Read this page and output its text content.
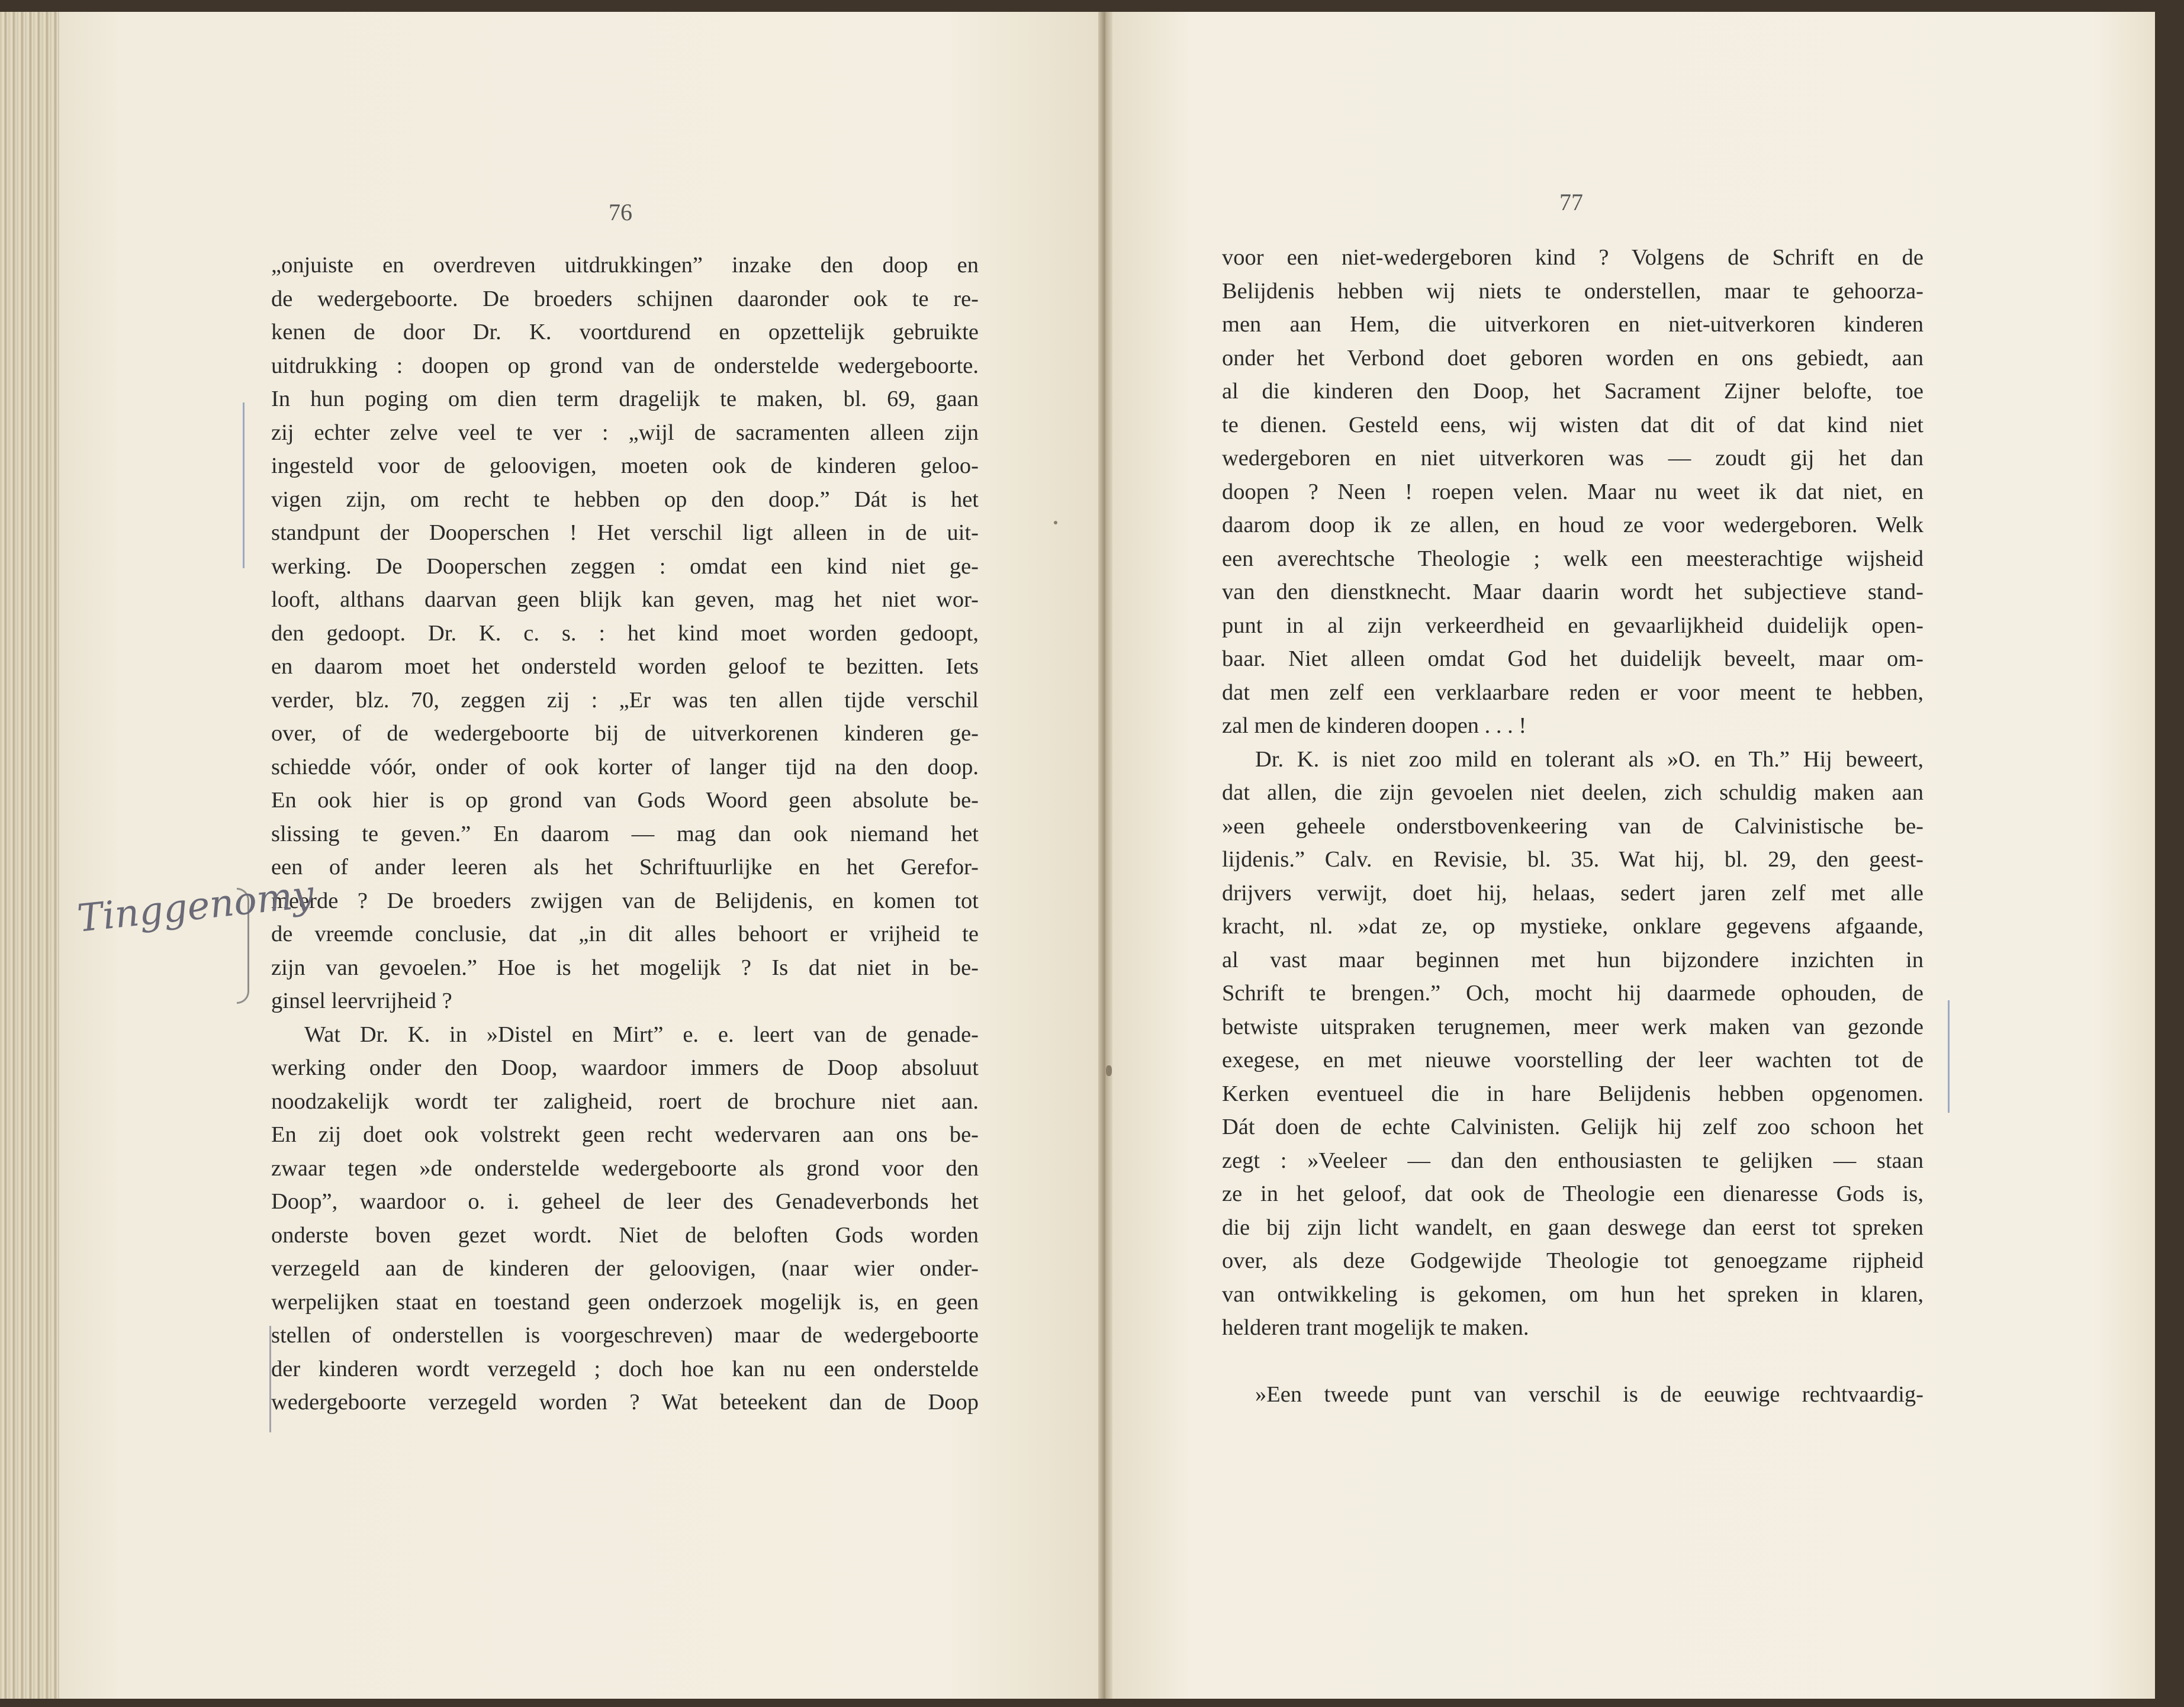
76	77
„onjuiste en overdreven uitdrukkingen” inzake den doop en
de wedergeboorte. De broeders schijnen daaronder ook te re-
kenen de door Dr. K. voortdurend en opzettelijk gebruikte
uitdrukking : doopen op grond van de onderstelde wedergeboorte.
In hun poging om dien term dragelijk te maken, bl. 69, gaan
zij echter zelve veel te ver : „wijl de sacramenten alleen zijn
ingesteld voor de geloovigen, moeten ook de kinderen geloo-
vigen zijn, om recht te hebben op den doop.” Dát is het
standpunt der Dooperschen ! Het verschil ligt alleen in de uit-
werking. De Dooperschen zeggen : omdat een kind niet ge-
looft, althans daarvan geen blijk kan geven, mag het niet wor-
den gedoopt. Dr. K. c. s. : het kind moet worden gedoopt,
en daarom moet het ondersteld worden geloof te bezitten. Iets
verder, blz. 70, zeggen zij : „Er was ten allen tijde verschil
over, of de wedergeboorte bij de uitverkorenen kinderen ge-
schiedde vóór, onder of ook korter of langer tijd na den doop.
En ook hier is op grond van Gods Woord geen absolute be-
slissing te geven.” En daarom — mag dan ook niemand het
een of ander leeren als het Schriftuurlijke en het Gerefor-
meerde ? De broeders zwijgen van de Belijdenis, en komen tot
de vreemde conclusie, dat „in dit alles behoort er vrijheid te
zijn van gevoelen.” Hoe is het mogelijk ? Is dat niet in be-
ginsel leervrijheid ?
Wat Dr. K. in »Distel en Mirt” e. e. leert van de genade-
werking onder den Doop, waardoor immers de Doop absoluut
noodzakelijk wordt ter zaligheid, roert de brochure niet aan.
En zij doet ook volstrekt geen recht wedervaren aan ons be-
zwaar tegen »de onderstelde wedergeboorte als grond voor den
Doop”, waardoor o. i. geheel de leer des Genadeverbonds het
onderste boven gezet wordt. Niet de beloften Gods worden
verzegeld aan de kinderen der geloovigen, (naar wier onder-
werpelijken staat en toestand geen onderzoek mogelijk is, en geen
stellen of onderstellen is voorgeschreven) maar de wedergeboorte
der kinderen wordt verzegeld ; doch hoe kan nu een onderstelde
wedergeboorte verzegeld worden ? Wat beteekent dan de Doop
voor een niet-wedergeboren kind ? Volgens de Schrift en de
Belijdenis hebben wij niets te onderstellen, maar te gehoorza-
men aan Hem, die uitverkoren en niet-uitverkoren kinderen
onder het Verbond doet geboren worden en ons gebiedt, aan
al die kinderen den Doop, het Sacrament Zijner belofte, toe
te dienen. Gesteld eens, wij wisten dat dit of dat kind niet
wedergeboren en niet uitverkoren was — zoudt gij het dan
doopen ? Neen ! roepen velen. Maar nu weet ik dat niet, en
daarom doop ik ze allen, en houd ze voor wedergeboren. Welk
een averechtsche Theologie ; welk een meesterachtige wijsheid
van den dienstknecht. Maar daarin wordt het subjectieve stand-
punt in al zijn verkeerdheid en gevaarlijkheid duidelijk open-
baar. Niet alleen omdat God het duidelijk beveelt, maar om-
dat men zelf een verklaarbare reden er voor meent te hebben,
zal men de kinderen doopen . . . !
Dr. K. is niet zoo mild en tolerant als »O. en Th.” Hij beweert,
dat allen, die zijn gevoelen niet deelen, zich schuldig maken aan
»een geheele onderstbovenkeering van de Calvinistische be-
lijdenis.” Calv. en Revisie, bl. 35. Wat hij, bl. 29, den geest-
drijvers verwijt, doet hij, helaas, sedert jaren zelf met alle
kracht, nl. »dat ze, op mystieke, onklare gegevens afgaande,
al vast maar beginnen met hun bijzondere inzichten in
Schrift te brengen.” Och, mocht hij daarmede ophouden, de
betwiste uitspraken terugnemen, meer werk maken van gezonde
exegese, en met nieuwe voorstelling der leer wachten tot de
Kerken eventueel die in hare Belijdenis hebben opgenomen.
Dát doen de echte Calvinisten. Gelijk hij zelf zoo schoon het
zegt : »Veeleer — dan den enthousiasten te gelijken — staan
ze in het geloof, dat ook de Theologie een dienaresse Gods is,
die bij zijn licht wandelt, en gaan deswege dan eerst tot spreken
over, als deze Godgewijde Theologie tot genoegzame rijpheid
van ontwikkeling is gekomen, om hun het spreken in klaren,
helderen trant mogelijk te maken.
»Een tweede punt van verschil is de eeuwige rechtvaardig-
Tinggenomy
